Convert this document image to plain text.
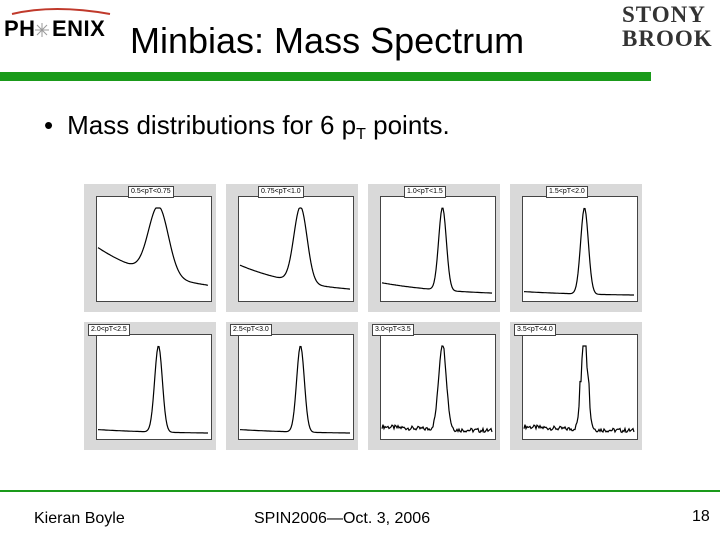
PH ENIX
STONY
BROOK
Minbias: Mass Spectrum
• Mass distributions for 6 $p_T$ points.
0.5<pT<0.75	0.75<pT<1.0	1.0<pT<1.5	1.5<pT<2.0
2.0<pT<2.5	2.5<pT<3.0	3.0<pT<3.5	3.5<pT<4.0
Kieran Boyle	SPIN2006—Oct. 3, 2006	18
